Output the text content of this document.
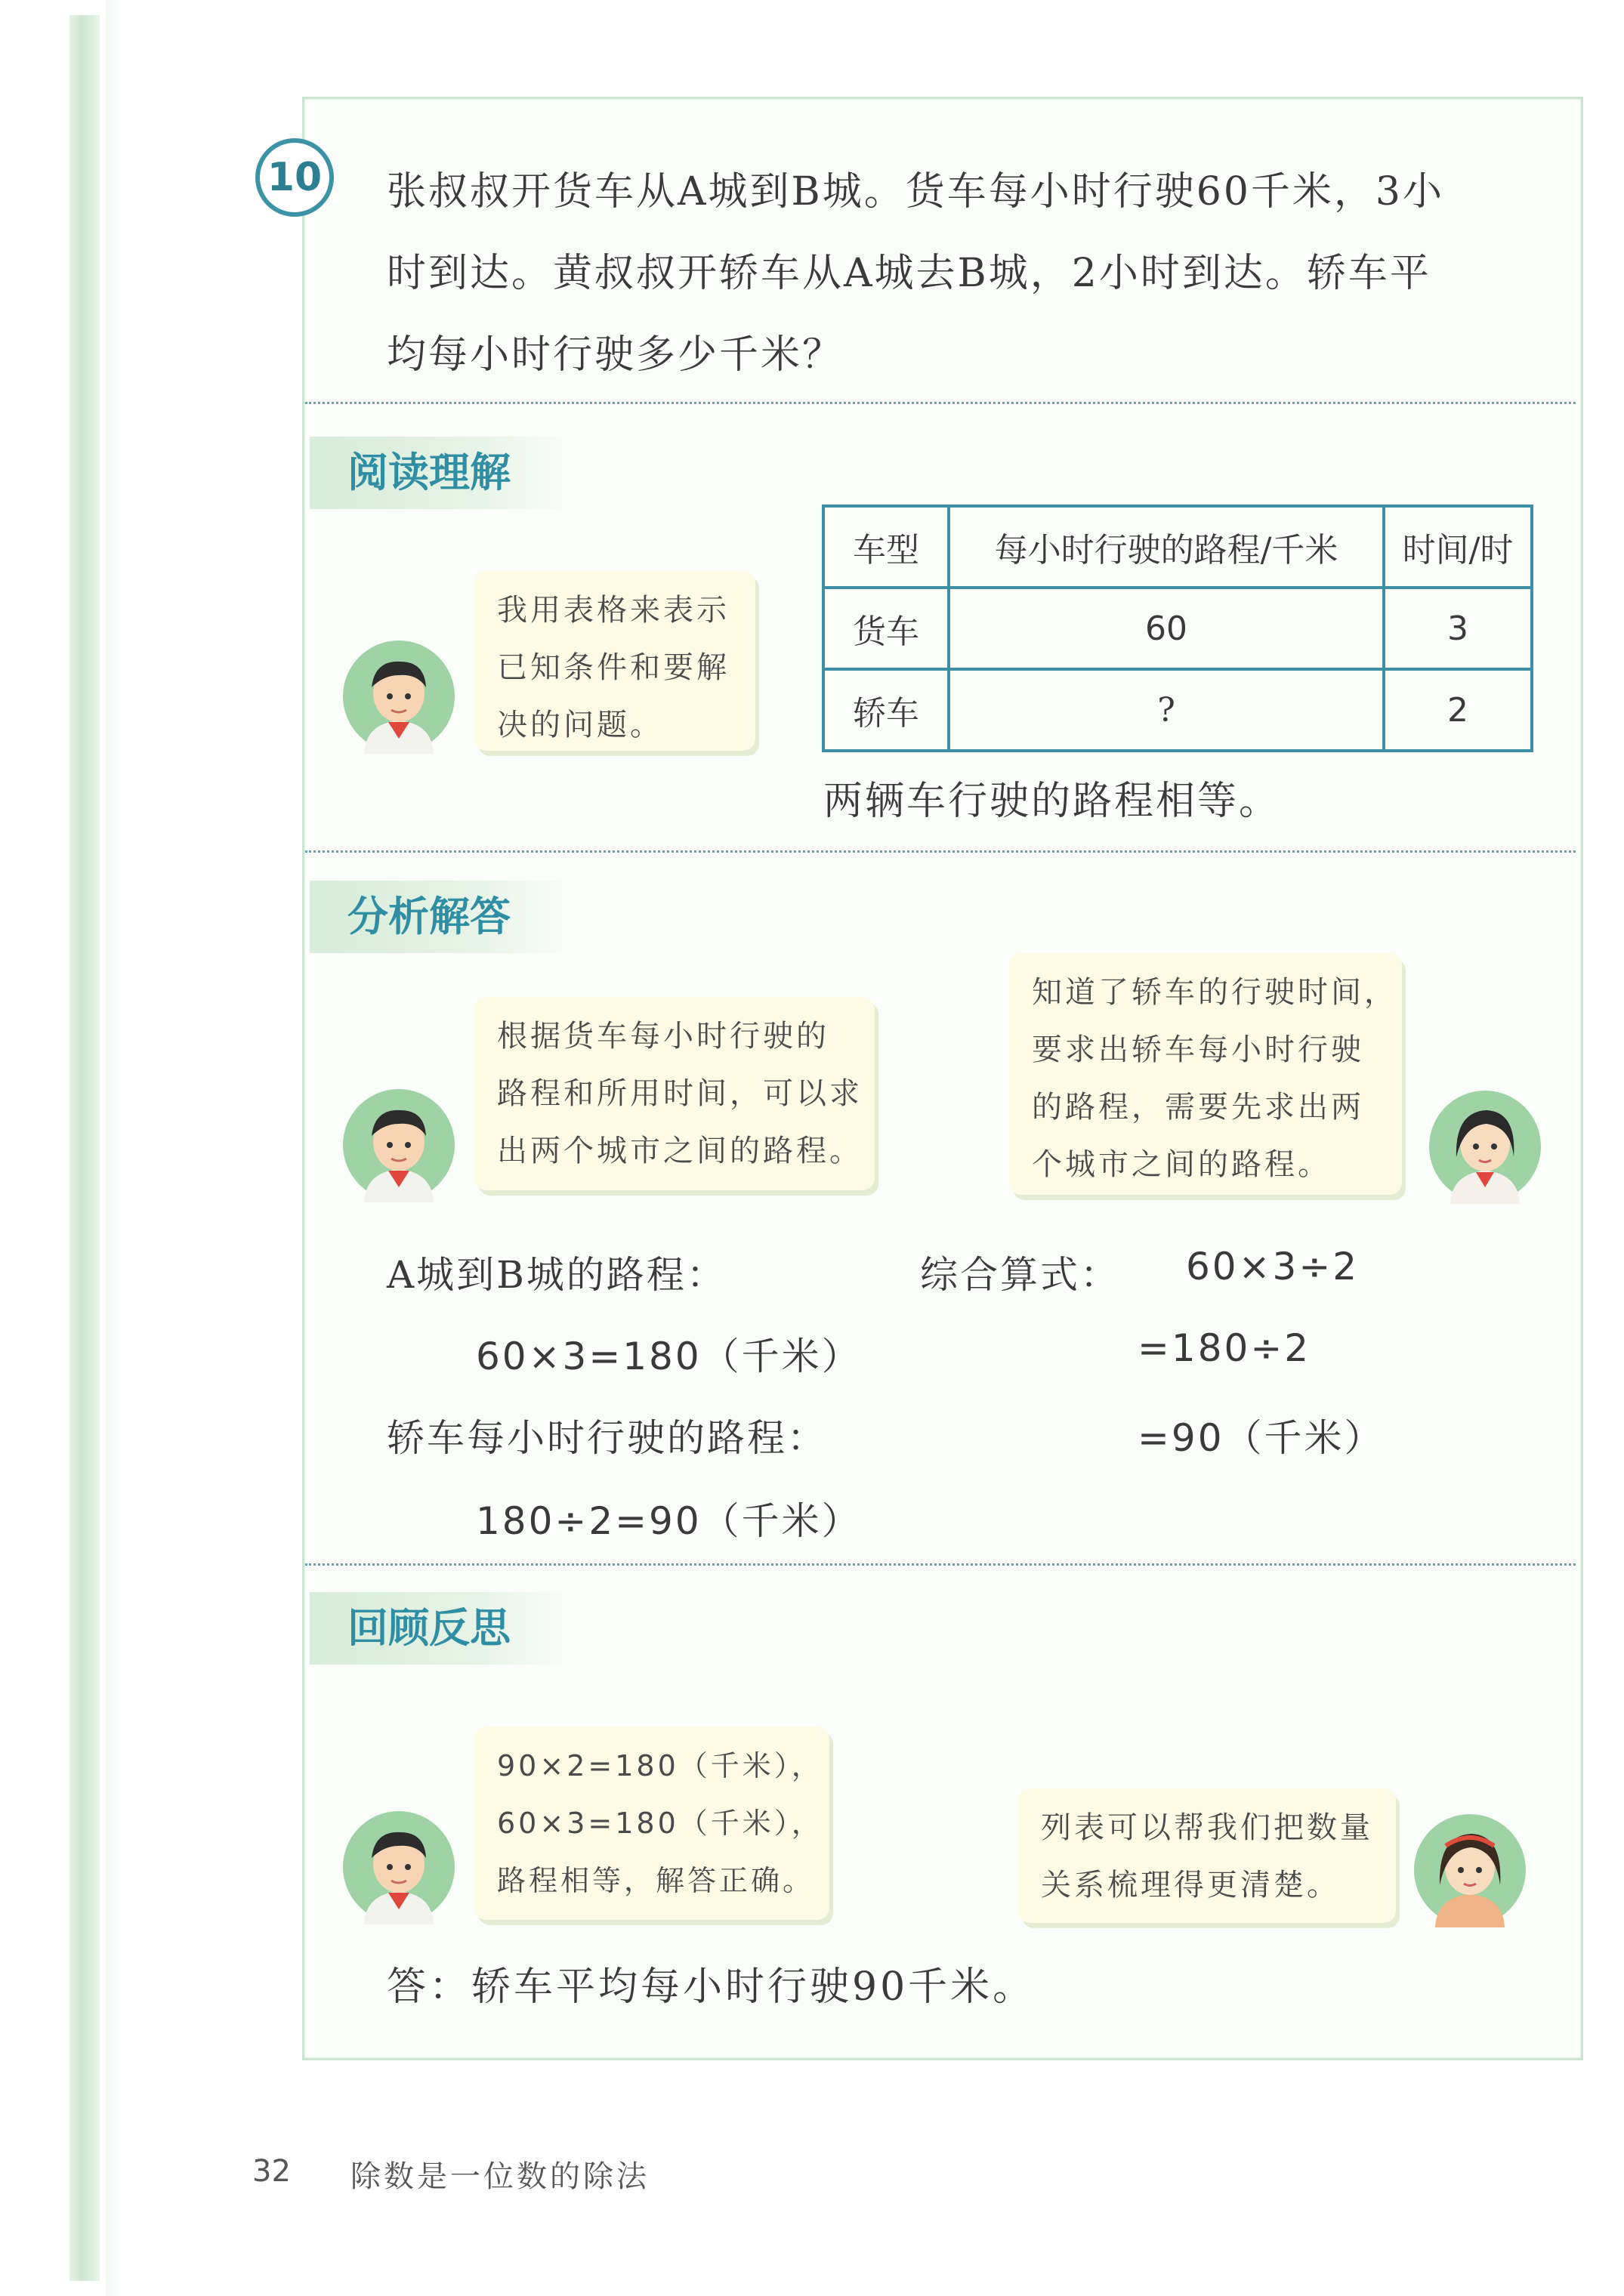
10 张叔叔开货车从A城到B城。货车每小时行驶60千米，3小

时到达。黄叔叔开轿车从A城去B城，2小时到达。轿车平

均每小时行驶多少千米？

阅读理解
我用表格来表示
已知条件和要解
决的问题。
车型	每小时行驶的路程/千米	时间/时
货车	60	3
轿车	?	2
两辆车行驶的路程相等。
分析解答
根据货车每小时行驶的
路程和所用时间，可以求
出两个城市之间的路程。
知道了轿车的行驶时间，
要求出轿车每小时行驶
的路程，需要先求出两
个城市之间的路程。
A城到B城的路程：
60×3=180（千米）
轿车每小时行驶的路程：
180÷2=90（千米）
综合算式： 60×3÷2
=180÷2
=90（千米）
回顾反思
90×2=180（千米），
60×3=180（千米），
路程相等，解答正确。
列表可以帮我们把数量
关系梳理得更清楚。
答：轿车平均每小时行驶90千米。
32 除数是一位数的除法
